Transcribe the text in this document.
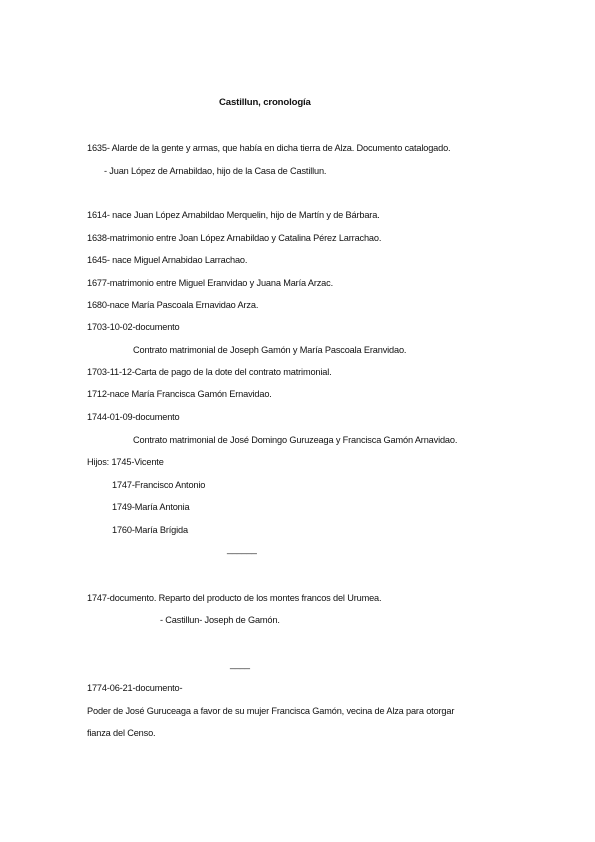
Castillun, cronología
1635- Alarde de la gente y armas, que había en dicha tierra de Alza. Documento catalogado.
- Juan López de Arnabildao, hijo de la Casa de Castillun.
1614- nace Juan López Arnabildao Merquelin, hijo de Martín y de Bárbara.
1638-matrimonio entre Joan López Arnabildao y Catalina Pérez Larrachao.
1645- nace Miguel Arnabidao Larrachao.
1677-matrimonio entre Miguel Eranvidao y Juana María Arzac.
1680-nace María Pascoala Ernavidao Arza.
1703-10-02-documento
Contrato matrimonial de Joseph Gamón y María Pascoala Eranvidao.
1703-11-12-Carta de pago de la dote del contrato matrimonial.
1712-nace María Francisca Gamón Ernavidao.
1744-01-09-documento
Contrato matrimonial de José Domingo Guruzeaga y Francisca Gamón Arnavidao.
Hijos: 1745-Vicente
1747-Francisco Antonio
1749-María Antonia
1760-María Brígida
______
1747-documento. Reparto del producto de los montes francos del Urumea.
- Castillun- Joseph de Gamón.
____
1774-06-21-documento-
Poder de José Guruceaga a favor de su mujer Francisca Gamón, vecina de Alza para otorgar
fianza del Censo.
